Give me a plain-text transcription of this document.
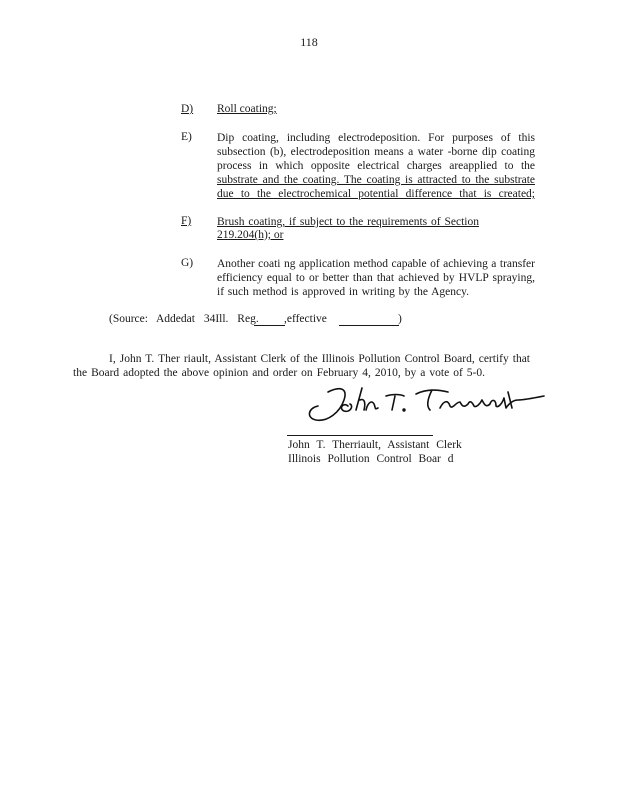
118
D) Roll coating;
E) Dip coating, including electrodeposition. For purposes of this
subsection (b), electrodeposition means a water -borne dip coating
process in which opposite electrical charges areapplied to the
substrate and the coating. The coating is attracted to the substrate
due to the electrochemical potential difference that is created;
F) Brush coating, if subject to the requirements of Section
219.204(h); or
G) Another coati ng application method capable of achieving a transfer
efficiency equal to or better than that achieved by HVLP spraying,
if such method is approved in writing by the Agency.
(Source: Addedat 34Ill. Reg. ,effective	)
I, John T. Ther riault, Assistant Clerk of the Illinois Pollution Control Board, certify that
the Board adopted the above opinion and order on February 4, 2010, by a vote of 5-0.
John T. Therriault, Assistant Clerk
Illinois Pollution Control Boar d
